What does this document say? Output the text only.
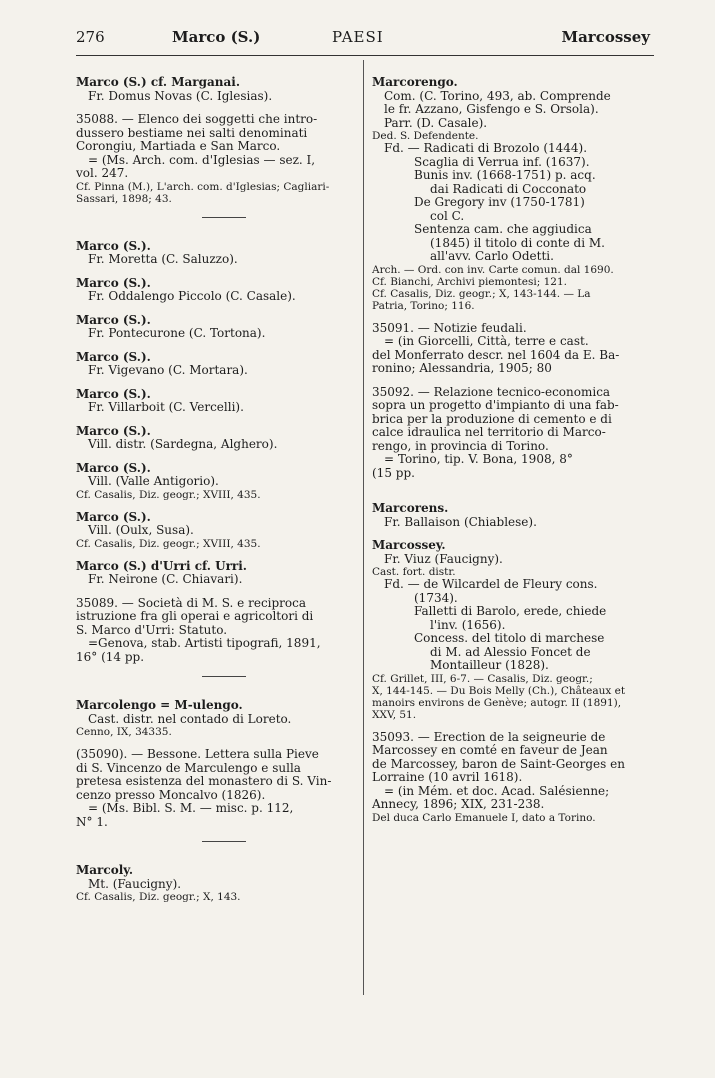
276	Marco (S.)	PAESI	Marcossey
Marco (S.) cf. Marganai.
Fr. Domus Novas (C. Iglesias).
35088. — Elenco dei soggetti che intro-
dussero bestiame nei salti denominati
Corongiu, Martiada e San Marco.
= (Ms. Arch. com. d'Iglesias — sez. I,
vol. 247.
Cf. Pinna (M.), L'arch. com. d'Iglesias; Cagliari-
Sassari, 1898; 43.
Marco (S.).
Fr. Moretta (C. Saluzzo).
Marco (S.).
Fr. Oddalengo Piccolo (C. Casale).
Marco (S.).
Fr. Pontecurone (C. Tortona).
Marco (S.).
Fr. Vigevano (C. Mortara).
Marco (S.).
Fr. Villarboit (C. Vercelli).
Marco (S.).
Vill. distr. (Sardegna, Alghero).
Marco (S.).
Vill. (Valle Antigorio).
Cf. Casalis, Diz. geogr.; XVIII, 435.
Marco (S.).
Vill. (Oulx, Susa).
Cf. Casalis, Diz. geogr.; XVIII, 435.
Marco (S.) d'Urri cf. Urri.
Fr. Neirone (C. Chiavari).
35089. — Società di M. S. e reciproca
istruzione fra gli operai e agricoltori di
S. Marco d'Urri: Statuto.
=Genova, stab. Artisti tipografi, 1891,
16° (14 pp.
Marcolengo = M-ulengo.
Cast. distr. nel contado di Loreto.
Cenno, IX, 34335.
(35090). — Bessone. Lettera sulla Pieve
di S. Vincenzo de Marculengo e sulla
pretesa esistenza del monastero di S. Vin-
cenzo presso Moncalvo (1826).
= (Ms. Bibl. S. M. — misc. p. 112,
N° 1.
Marcoly.
Mt. (Faucigny).
Cf. Casalis, Diz. geogr.; X, 143.
Marcorengo.
Com. (C. Torino, 493, ab. Comprende
le fr. Azzano, Gisfengo e S. Orsola).
Parr. (D. Casale).
Ded. S. Defendente.
Fd. — Radicati di Brozolo (1444).
Scaglia di Verrua inf. (1637).
Bunis inv. (1668-1751) p. acq.
dai Radicati di Cocconato
De Gregory inv (1750-1781)
col C.
Sentenza cam. che aggiudica
(1845) il titolo di conte di M.
all'avv. Carlo Odetti.
Arch. — Ord. con inv. Carte comun. dal 1690.
Cf. Bianchi, Archivi piemontesi; 121.
Cf. Casalis, Diz. geogr.; X, 143-144. — La
Patria, Torino; 116.
35091. — Notizie feudali.
= (in Giorcelli, Città, terre e cast.
del Monferrato descr. nel 1604 da E. Ba-
ronino; Alessandria, 1905; 80
35092. — Relazione tecnico-economica
sopra un progetto d'impianto di una fab-
brica per la produzione di cemento e di
calce idraulica nel territorio di Marco-
rengo, in provincia di Torino.
= Torino, tip. V. Bona, 1908, 8°
(15 pp.
Marcorens.
Fr. Ballaison (Chiablese).
Marcossey.
Fr. Viuz (Faucigny).
Cast. fort. distr.
Fd. — de Wilcardel de Fleury cons.
(1734).
Falletti di Barolo, erede, chiede
l'inv. (1656).
Concess. del titolo di marchese
di M. ad Alessio Foncet de
Montailleur (1828).
Cf. Grillet, III, 6-7. — Casalis, Diz. geogr.;
X, 144-145. — Du Bois Melly (Ch.), Châteaux et
manoirs environs de Genève; autogr. II (1891),
XXV, 51.
35093. — Erection de la seigneurie de
Marcossey en comté en faveur de Jean
de Marcossey, baron de Saint-Georges en
Lorraine (10 avril 1618).
= (in Mém. et doc. Acad. Salésienne;
Annecy, 1896; XIX, 231-238.
Del duca Carlo Emanuele I, dato a Torino.
